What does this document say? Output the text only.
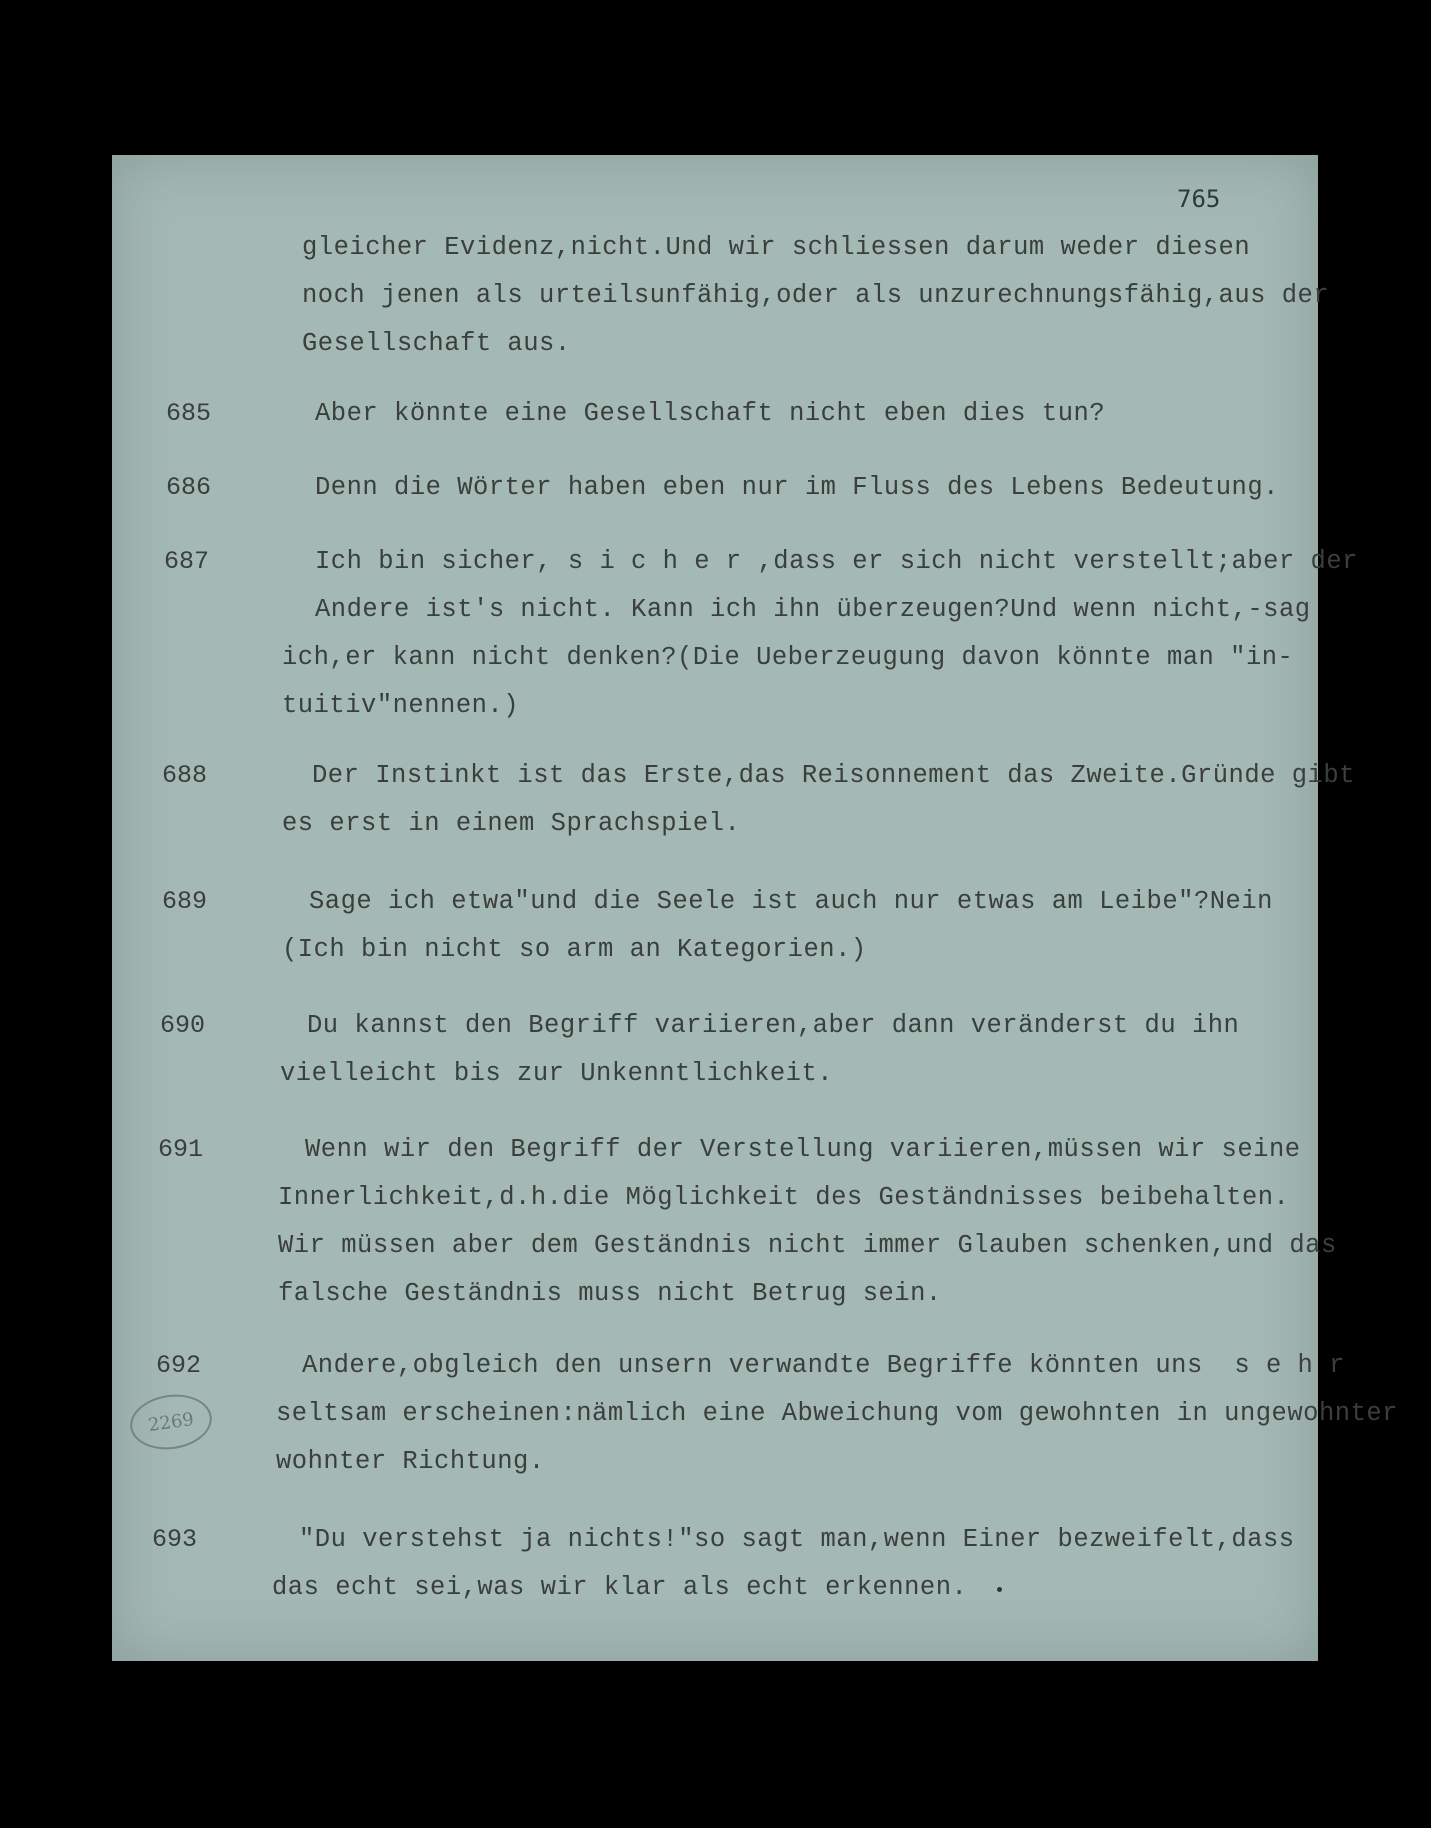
765
gleicher Evidenz,nicht.Und wir schliessen darum weder diesen
noch jenen als urteilsunfähig,oder als unzurechnungsfähig,aus der
Gesellschaft aus.
685	Aber könnte eine Gesellschaft nicht eben dies tun?
686	Denn die Wörter haben eben nur im Fluss des Lebens Bedeutung.
687	Ich bin sicher, s i c h e r ,dass er sich nicht verstellt;aber der
Andere ist's nicht. Kann ich ihn überzeugen?Und wenn nicht,-sag
ich,er kann nicht denken?(Die Ueberzeugung davon könnte man "in-
tuitiv"nennen.)
688	Der Instinkt ist das Erste,das Reisonnement das Zweite.Gründe gibt
es erst in einem Sprachspiel.
689	Sage ich etwa"und die Seele ist auch nur etwas am Leibe"?Nein
(Ich bin nicht so arm an Kategorien.)
690	Du kannst den Begriff variieren,aber dann veränderst du ihn
vielleicht bis zur Unkenntlichkeit.
691	Wenn wir den Begriff der Verstellung variieren,müssen wir seine
Innerlichkeit,d.h.die Möglichkeit des Geständnisses beibehalten.
Wir müssen aber dem Geständnis nicht immer Glauben schenken,und das
falsche Geständnis muss nicht Betrug sein.
692	Andere,obgleich den unsern verwandte Begriffe könnten uns  s e h r
seltsam erscheinen:nämlich eine Abweichung vom gewohnten in ungewohnter
wohnter Richtung.
2269
693	"Du verstehst ja nichts!"so sagt man,wenn Einer bezweifelt,dass
das echt sei,was wir klar als echt erkennen.
